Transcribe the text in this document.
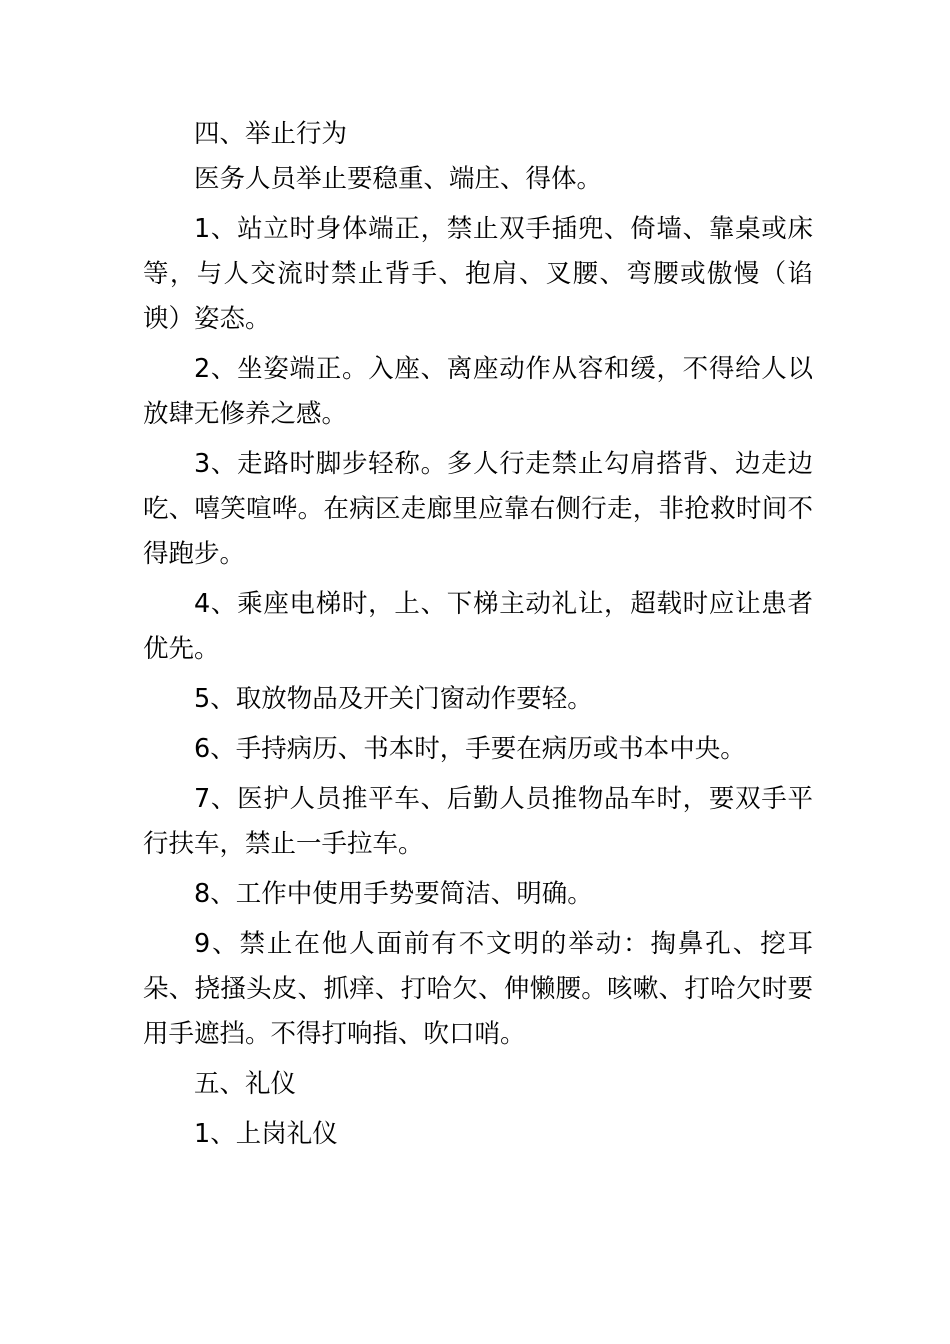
四、举止行为

医务人员举止要稳重、端庄、得体。

1、站立时身体端正，禁止双手插兜、倚墙、靠桌或床等，与人交流时禁止背手、抱肩、叉腰、弯腰或傲慢（谄谀）姿态。

2、坐姿端正。入座、离座动作从容和缓，不得给人以放肆无修养之感。

3、走路时脚步轻称。多人行走禁止勾肩搭背、边走边吃、嘻笑喧哗。在病区走廊里应靠右侧行走，非抢救时间不得跑步。

4、乘座电梯时，上、下梯主动礼让，超载时应让患者优先。

5、取放物品及开关门窗动作要轻。

6、手持病历、书本时，手要在病历或书本中央。

7、医护人员推平车、后勤人员推物品车时，要双手平行扶车，禁止一手拉车。

8、工作中使用手势要简洁、明确。

9、禁止在他人面前有不文明的举动：掏鼻孔、挖耳朵、挠搔头皮、抓痒、打哈欠、伸懒腰。咳嗽、打哈欠时要用手遮挡。不得打响指、吹口哨。

五、礼仪

1、上岗礼仪
